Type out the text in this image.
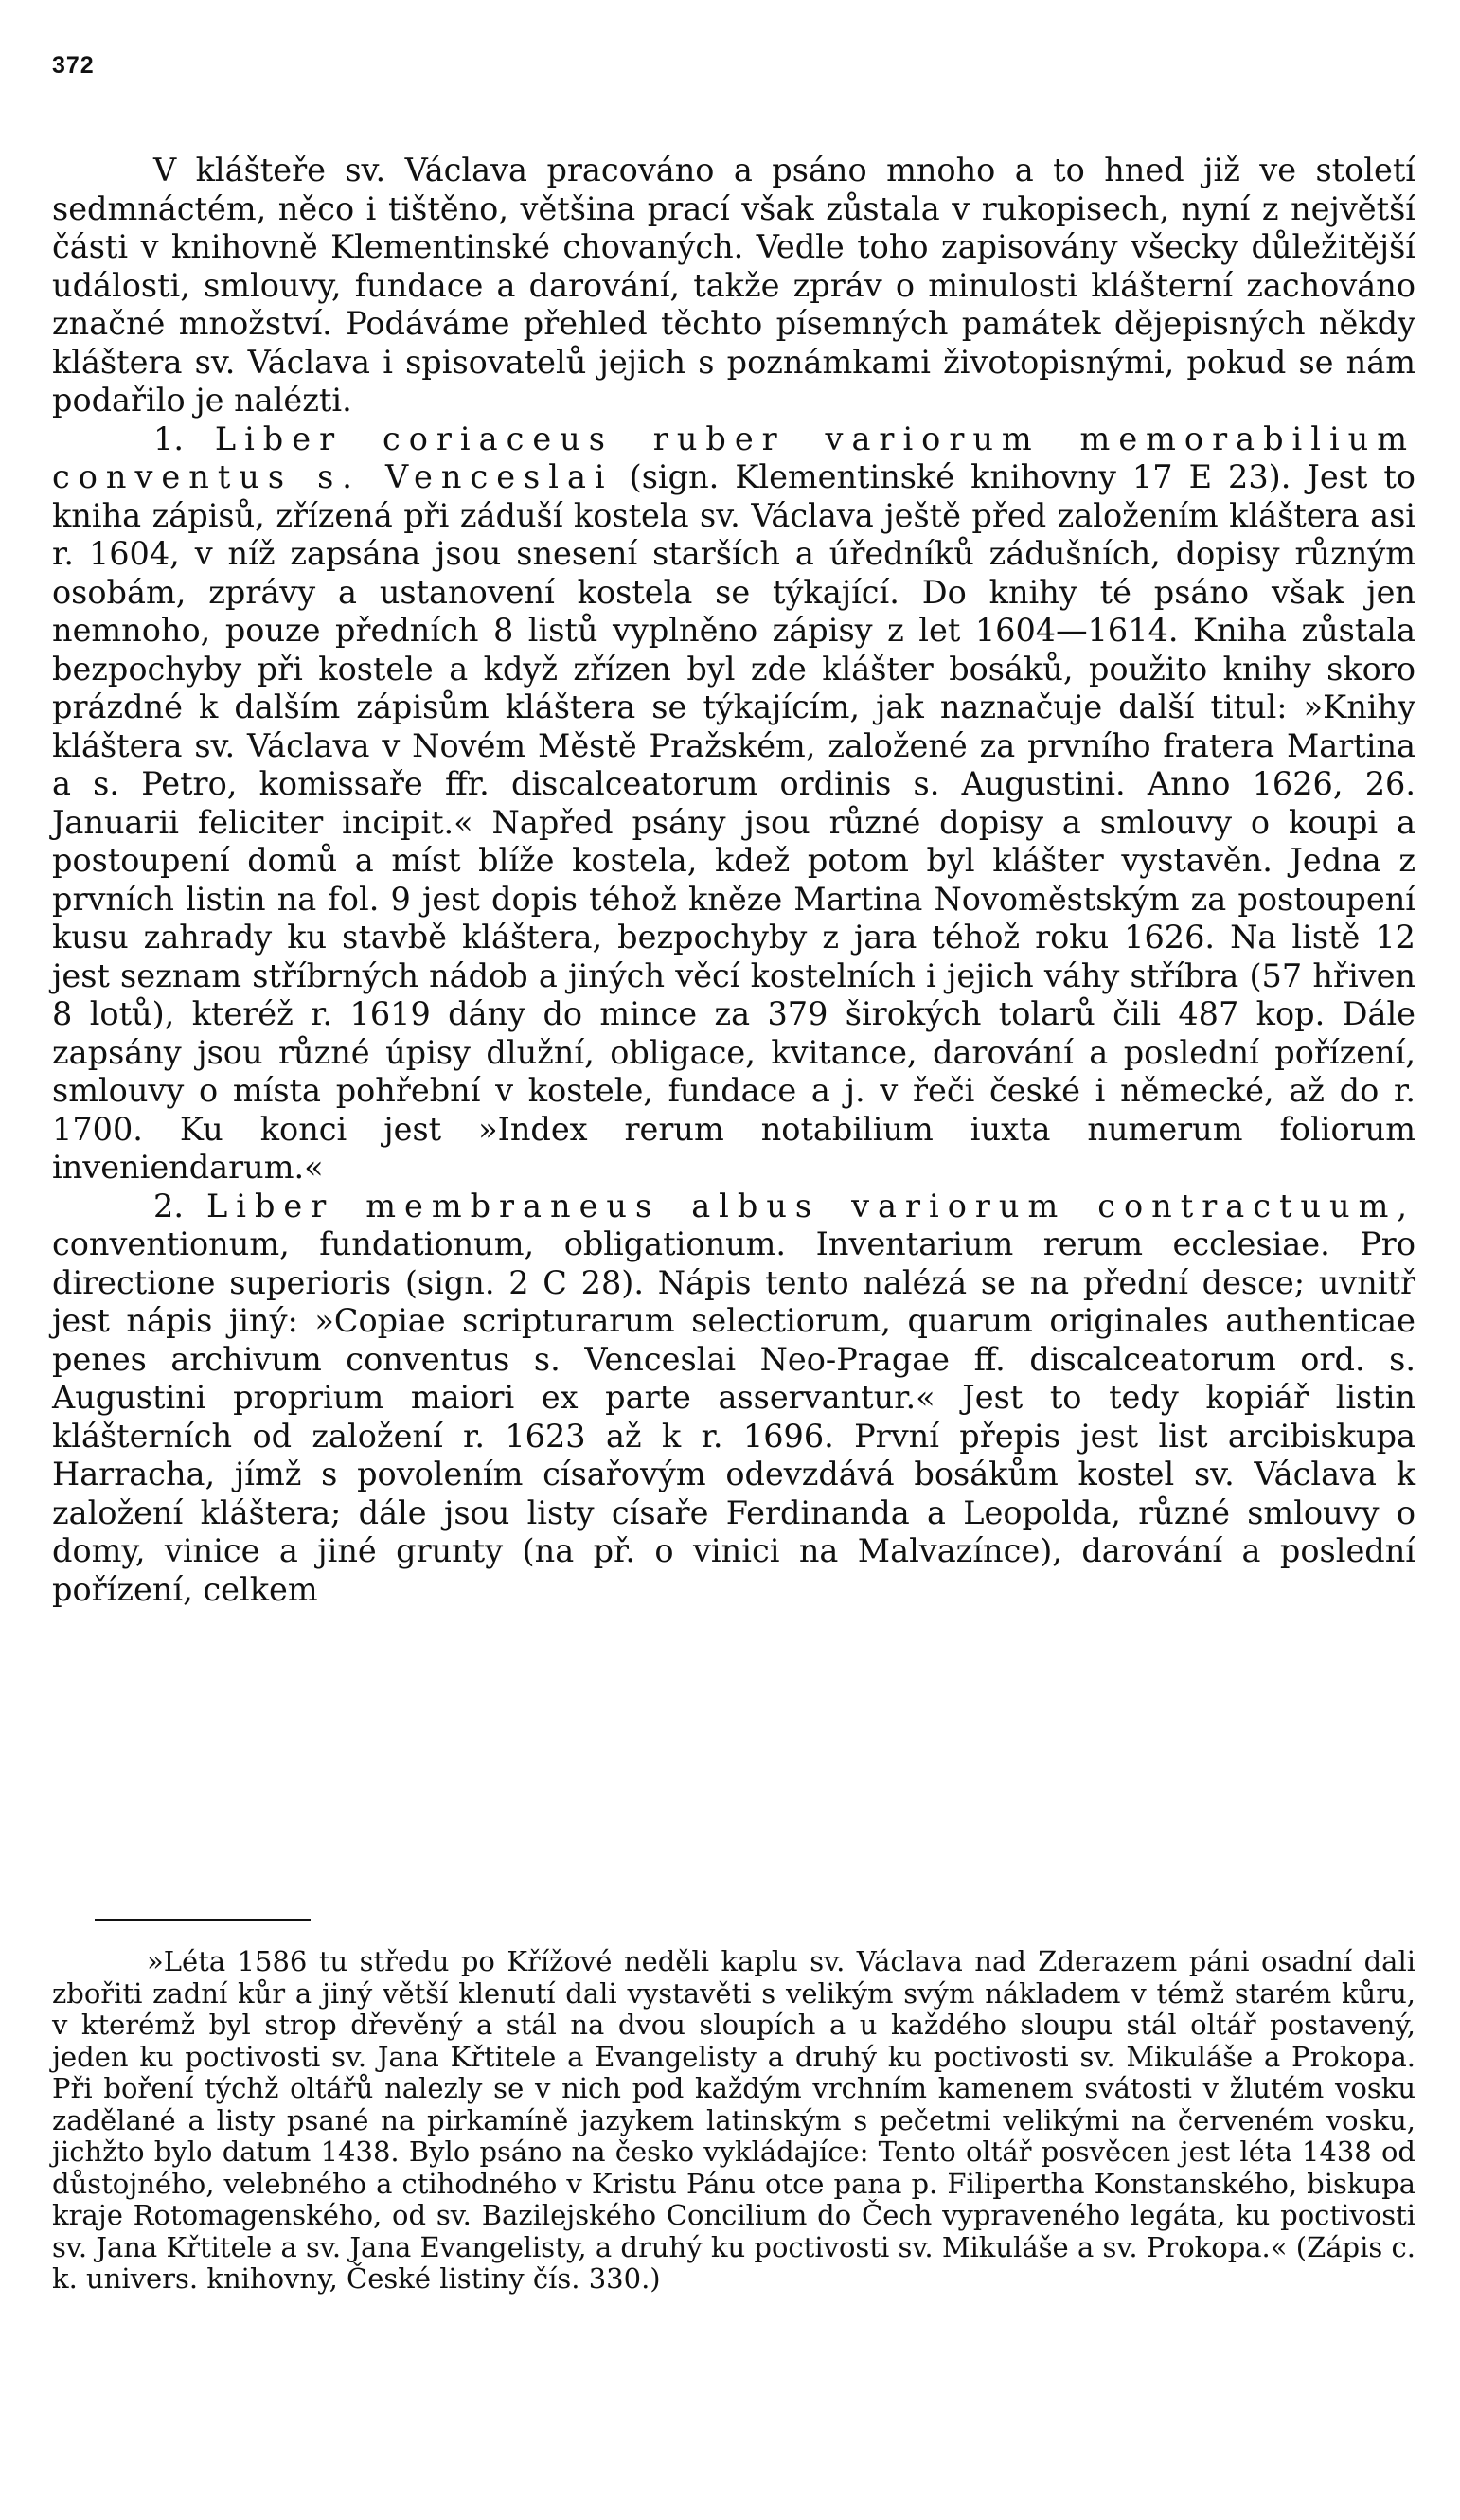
372

V klášteře sv. Václava pracováno a psáno mnoho a to hned již ve století sedmnáctém, něco i tištěno, většina prací však zůstala v rukopisech, nyní z největší části v knihovně Klementinské chovaných. Vedle toho zapisovány všecky důležitější události, smlouvy, fundace a darování, takže zpráv o minulosti klášterní zachováno značné množství. Podáváme přehled těchto písemných památek dějepisných někdy kláštera sv. Václava i spisovatelů jejich s poznámkami životopisnými, pokud se nám podařilo je nalézti.

1. Liber coriaceus ruber variorum memorabilium conventus s. Venceslai (sign. Klementinské knihovny 17 E 23). Jest to kniha zápisů, zřízená při záduší kostela sv. Václava ještě před založením kláštera asi r. 1604, v níž zapsána jsou snesení starších a úředníků zádušních, dopisy různým osobám, zprávy a ustanovení kostela se týkající. Do knihy té psáno však jen nemnoho, pouze předních 8 listů vyplněno zápisy z let 1604—1614. Kniha zůstala bezpochyby při kostele a když zřízen byl zde klášter bosáků, použito knihy skoro prázdné k dalším zápisům kláštera se týkajícím, jak naznačuje další titul: »Knihy kláštera sv. Václava v Novém Městě Pražském, založené za prvního fratera Martina a s. Petro, komissaře ffr. discalceatorum ordinis s. Augustini. Anno 1626, 26. Januarii feliciter incipit.« Napřed psány jsou různé dopisy a smlouvy o koupi a postoupení domů a míst blíže kostela, kdež potom byl klášter vystavěn. Jedna z prvních listin na fol. 9 jest dopis téhož kněze Martina Novoměstským za postoupení kusu zahrady ku stavbě kláštera, bezpochyby z jara téhož roku 1626. Na listě 12 jest seznam stříbrných nádob a jiných věcí kostelních i jejich váhy stříbra (57 hřiven 8 lotů), kteréž r. 1619 dány do mince za 379 širokých tolarů čili 487 kop. Dále zapsány jsou různé úpisy dlužní, obligace, kvitance, darování a poslední pořízení, smlouvy o místa pohřební v kostele, fundace a j. v řeči české i německé, až do r. 1700. Ku konci jest »Index rerum notabilium iuxta numerum foliorum inveniendarum.«

2. Liber membraneus albus variorum contractuum, conventionum, fundationum, obligationum. Inventarium rerum ecclesiae. Pro directione superioris (sign. 2 C 28). Nápis tento nalézá se na přední desce; uvnitř jest nápis jiný: »Copiae scripturarum selectiorum, quarum originales authenticae penes archivum conventus s. Venceslai Neo-Pragae ff. discalceatorum ord. s. Augustini proprium maiori ex parte asservantur.« Jest to tedy kopiář listin klášterních od založení r. 1623 až k r. 1696. První přepis jest list arcibiskupa Harracha, jímž s povolením císařovým odevzdává bosákům kostel sv. Václava k založení kláštera; dále jsou listy císaře Ferdinanda a Leopolda, různé smlouvy o domy, vinice a jiné grunty (na př. o vinici na Malvazínce), darování a poslední pořízení, celkem

»Léta 1586 tu středu po Křížové neděli kaplu sv. Václava nad Zderazem páni osadní dali zbořiti zadní kůr a jiný větší klenutí dali vystavěti s velikým svým nákladem v témž starém kůru, v kterémž byl strop dřevěný a stál na dvou sloupích a u každého sloupu stál oltář postavený, jeden ku poctivosti sv. Jana Křtitele a Evangelisty a druhý ku poctivosti sv. Mikuláše a Prokopa. Při boření týchž oltářů nalezly se v nich pod každým vrchním kamenem svátosti v žlutém vosku zadělané a listy psané na pirkamíně jazykem latinským s pečetmi velikými na červeném vosku, jichžto bylo datum 1438. Bylo psáno na česko vykládajíce: Tento oltář posvěcen jest léta 1438 od důstojného, velebného a ctihodného v Kristu Pánu otce pana p. Filipertha Konstanského, biskupa kraje Rotomagenského, od sv. Bazilejského Concilium do Čech vypraveného legáta, ku poctivosti sv. Jana Křtitele a sv. Jana Evangelisty, a druhý ku poctivosti sv. Mikuláše a sv. Prokopa.« (Zápis c. k. univers. knihovny, České listiny čís. 330.)
